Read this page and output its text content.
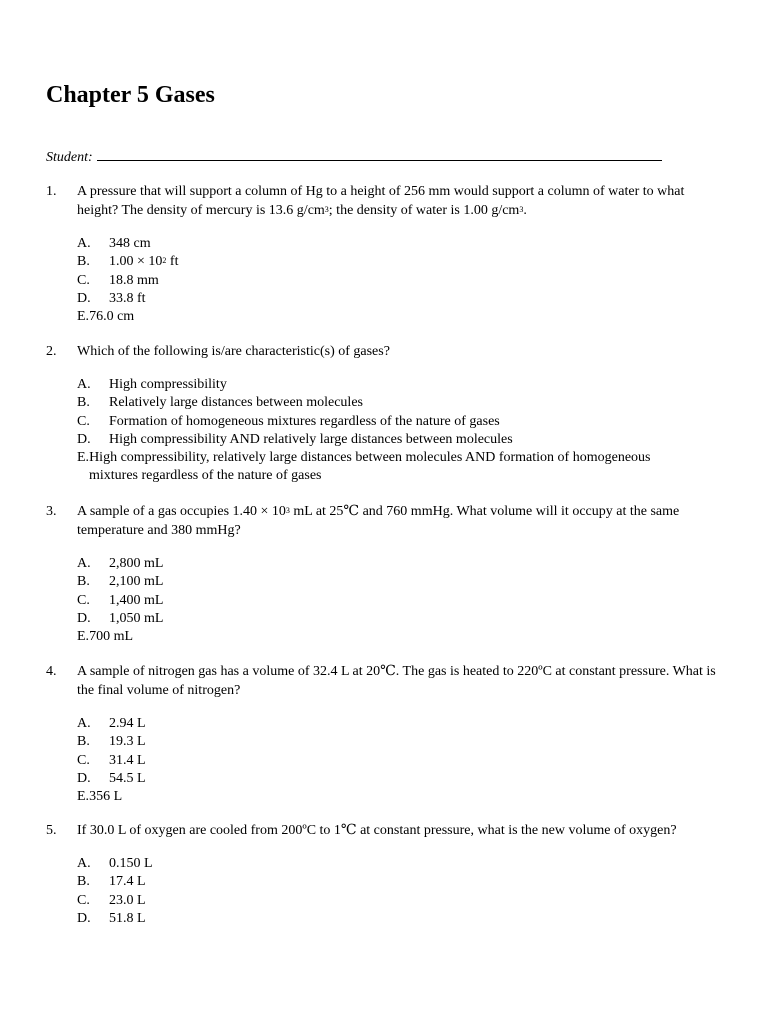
Chapter 5 Gases
Student:
1. A pressure that will support a column of Hg to a height of 256 mm would support a column of water to what height? The density of mercury is 13.6 $g/cm^3$; the density of water is 1.00 $g/cm^3$.
A. 348 cm
B. $1.00 \times 10^2$ ft
C. 18.8 mm
D. 33.8 ft
E.76.0 cm
2. Which of the following is/are characteristic(s) of gases?
A. High compressibility
B. Relatively large distances between molecules
C. Formation of homogeneous mixtures regardless of the nature of gases
D. High compressibility AND relatively large distances between molecules
E.High compressibility, relatively large distances between molecules AND formation of homogeneous
mixtures regardless of the nature of gases
3. A sample of a gas occupies $1.40 \times 10^3$ mL at 25℃ and 760 mmHg. What volume will it occupy at the same temperature and 380 mmHg?
A. 2,800 mL
B. 2,100 mL
C. 1,400 mL
D. 1,050 mL
E.700 mL
4. A sample of nitrogen gas has a volume of 32.4 L at 20℃. The gas is heated to 220ºC at constant pressure. What is the final volume of nitrogen?
A. 2.94 L
B. 19.3 L
C. 31.4 L
D. 54.5 L
E.356 L
5. If 30.0 L of oxygen are cooled from 200ºC to 1℃ at constant pressure, what is the new volume of oxygen?
A. 0.150 L
B. 17.4 L
C. 23.0 L
D. 51.8 L
